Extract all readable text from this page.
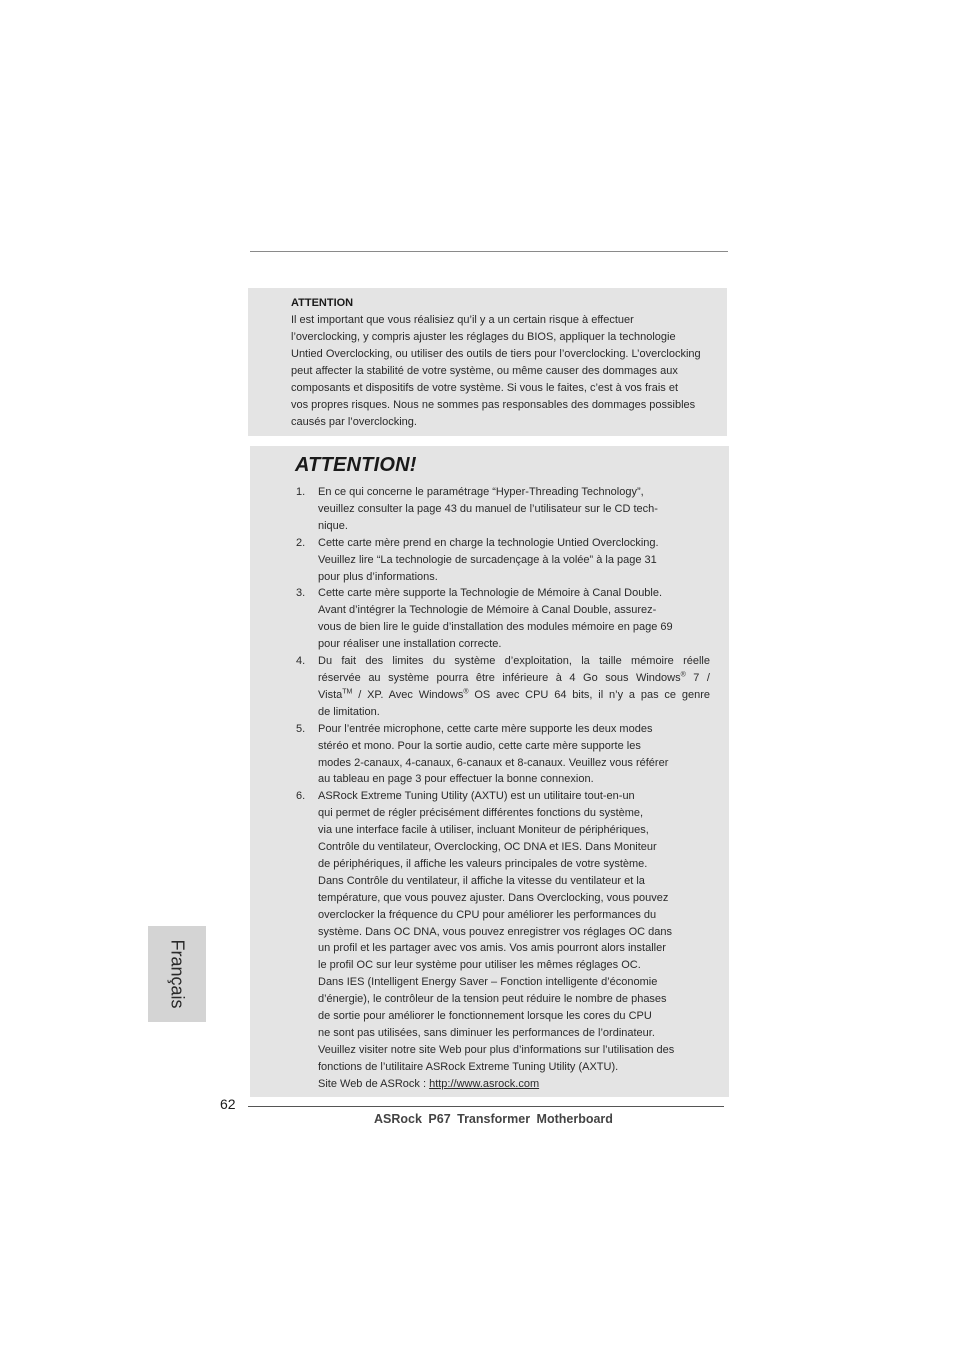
ATTENTION
Il est important que vous réalisiez qu’il y a un certain risque à effectuer
l’overclocking, y compris ajuster les réglages du BIOS, appliquer la technologie
Untied Overclocking, ou utiliser des outils de tiers pour l’overclocking. L’overclocking
peut affecter la stabilité de votre système, ou même causer des dommages aux
composants et dispositifs de votre système. Si vous le faites, c’est à vos frais et
vos propres risques. Nous ne sommes pas responsables des dommages possibles
causés par l’overclocking.
ATTENTION!
1. En ce qui concerne le paramétrage “Hyper-Threading Technology”,
veuillez consulter la page 43 du manuel de l’utilisateur sur le CD tech-
nique.
2. Cette carte mère prend en charge la technologie Untied Overclocking.
Veuillez lire “La technologie de surcadençage à la volée” à la page 31
pour plus d’informations.
3. Cette carte mère supporte la Technologie de Mémoire à Canal Double.
Avant d’intégrer la Technologie de Mémoire à Canal Double, assurez-
vous de bien lire le guide d’installation des modules mémoire en page 69
pour réaliser une installation correcte.
4. Du fait des limites du système d’exploitation, la taille mémoire réelle
réservée au système pourra être inférieure à 4 Go sous Windows® 7 /
Vista™ / XP. Avec Windows® OS avec CPU 64 bits, il n’y a pas ce genre
de limitation.
5. Pour l’entrée microphone, cette carte mère supporte les deux modes
stéréo et mono. Pour la sortie audio, cette carte mère supporte les
modes 2-canaux, 4-canaux, 6-canaux et 8-canaux. Veuillez vous référer
au tableau en page 3 pour effectuer la bonne connexion.
6. ASRock Extreme Tuning Utility (AXTU) est un utilitaire tout-en-un
qui permet de régler précisément différentes fonctions du système,
via une interface facile à utiliser, incluant Moniteur de périphériques,
Contrôle du ventilateur, Overclocking, OC DNA et IES. Dans Moniteur
de périphériques, il affiche les valeurs principales de votre système.
Dans Contrôle du ventilateur, il affiche la vitesse du ventilateur et la
température, que vous pouvez ajuster. Dans Overclocking, vous pouvez
overclocker la fréquence du CPU pour améliorer les performances du
système. Dans OC DNA, vous pouvez enregistrer vos réglages OC dans
un profil et les partager avec vos amis. Vos amis pourront alors installer
le profil OC sur leur système pour utiliser les mêmes réglages OC.
Dans IES (Intelligent Energy Saver – Fonction intelligente d’économie
d’énergie), le contrôleur de la tension peut réduire le nombre de phases
de sortie pour améliorer le fonctionnement lorsque les cores du CPU
ne sont pas utilisées, sans diminuer les performances de l’ordinateur.
Veuillez visiter notre site Web pour plus d’informations sur l’utilisation des
fonctions de l’utilitaire ASRock Extreme Tuning Utility (AXTU).
Site Web de ASRock : http://www.asrock.com
Français
62
ASRock P67 Transformer Motherboard
